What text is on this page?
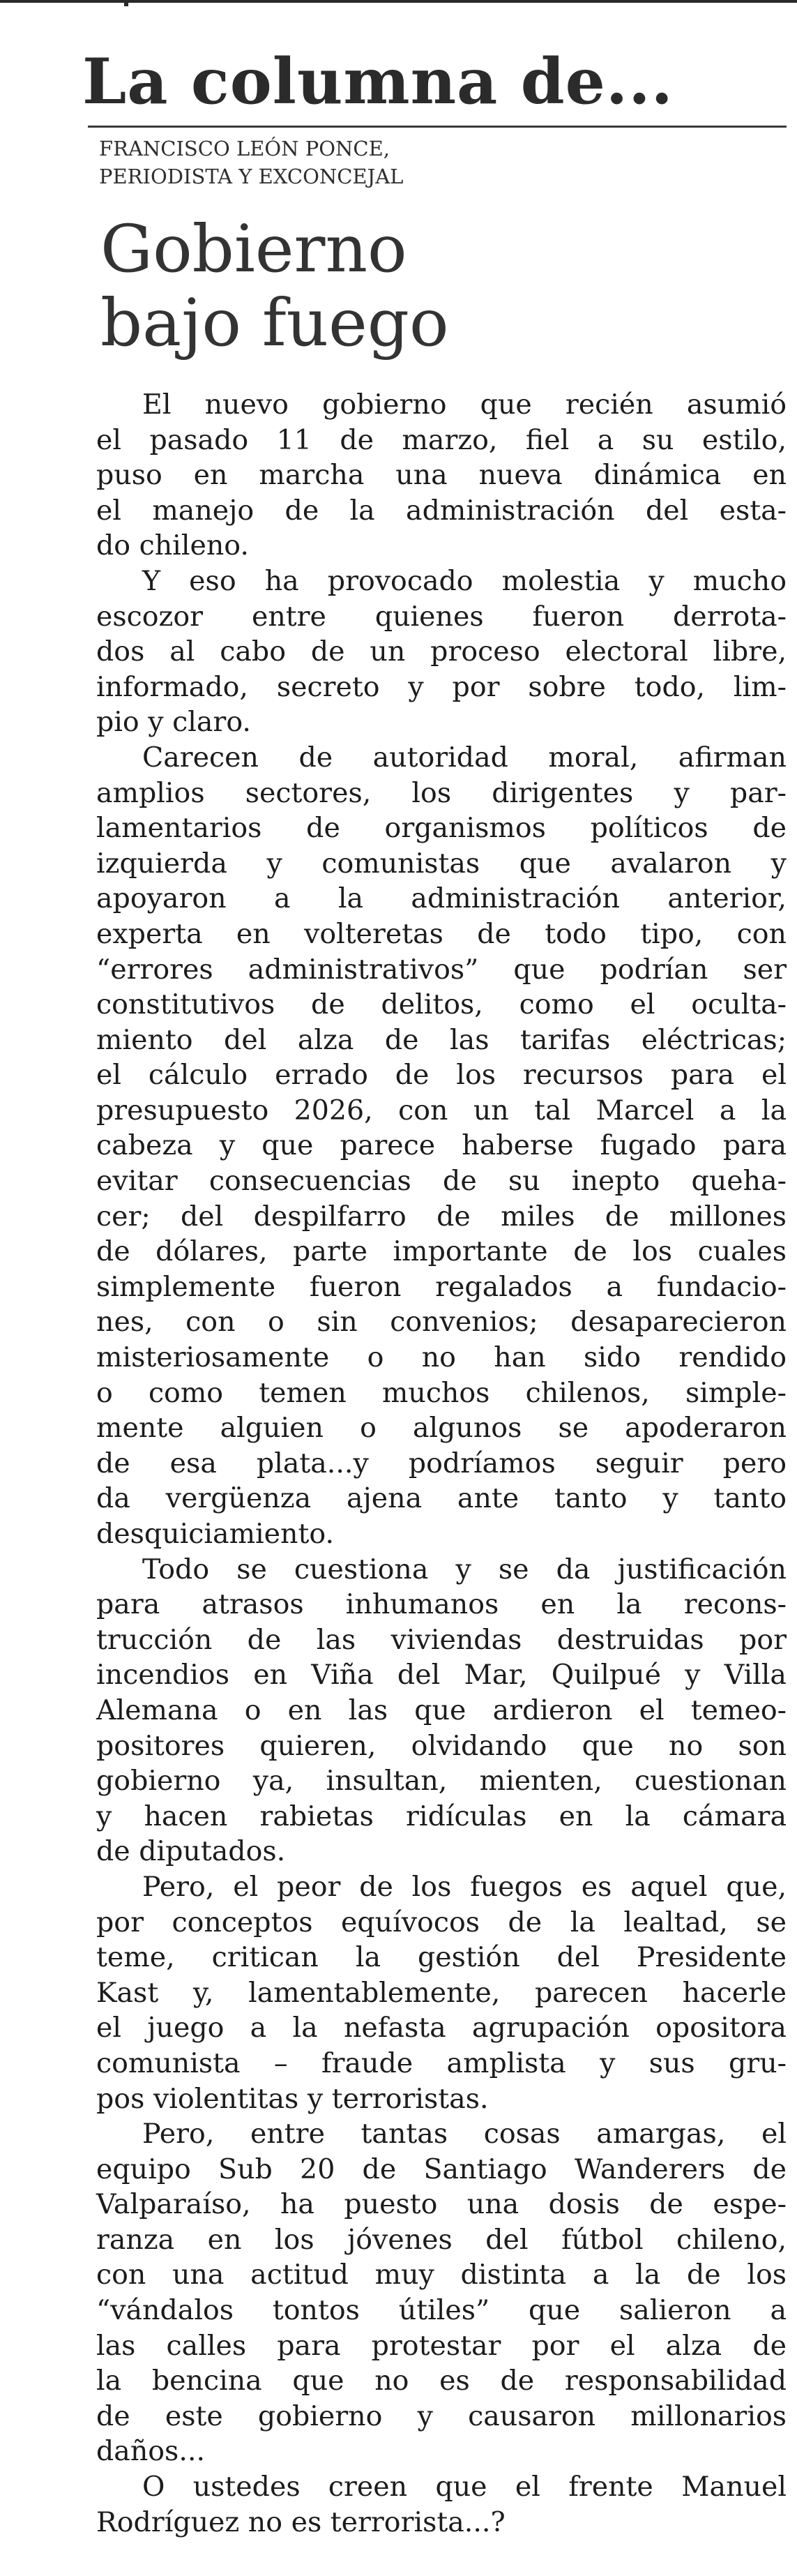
La columna de...
FRANCISCO LEÓN PONCE,
PERIODISTA Y EXCONCEJAL
Gobierno
bajo fuego
El nuevo gobierno que recién asumió
el pasado 11 de marzo, fiel a su estilo,
puso en marcha una nueva dinámica en
el manejo de la administración del esta-
do chileno.
Y eso ha provocado molestia y mucho
escozor entre quienes fueron derrota-
dos al cabo de un proceso electoral libre,
informado, secreto y por sobre todo, lim-
pio y claro.
Carecen de autoridad moral, afirman
amplios sectores, los dirigentes y par-
lamentarios de organismos políticos de
izquierda y comunistas que avalaron y
apoyaron a la administración anterior,
experta en volteretas de todo tipo, con
“errores administrativos” que podrían ser
constitutivos de delitos, como el oculta-
miento del alza de las tarifas eléctricas;
el cálculo errado de los recursos para el
presupuesto 2026, con un tal Marcel a la
cabeza y que parece haberse fugado para
evitar consecuencias de su inepto queha-
cer; del despilfarro de miles de millones
de dólares, parte importante de los cuales
simplemente fueron regalados a fundacio-
nes, con o sin convenios; desaparecieron
misteriosamente o no han sido rendido
o como temen muchos chilenos, simple-
mente alguien o algunos se apoderaron
de esa plata...y podríamos seguir pero
da vergüenza ajena ante tanto y tanto
desquiciamiento.
Todo se cuestiona y se da justificación
para atrasos inhumanos en la recons-
trucción de las viviendas destruidas por
incendios en Viña del Mar, Quilpué y Villa
Alemana o en las que ardieron el temeo-
positores quieren, olvidando que no son
gobierno ya, insultan, mienten, cuestionan
y hacen rabietas ridículas en la cámara
de diputados.
Pero, el peor de los fuegos es aquel que,
por conceptos equívocos de la lealtad, se
teme, critican la gestión del Presidente
Kast y, lamentablemente, parecen hacerle
el juego a la nefasta agrupación opositora
comunista – fraude amplista y sus gru-
pos violentitas y terroristas.
Pero, entre tantas cosas amargas, el
equipo Sub 20 de Santiago Wanderers de
Valparaíso, ha puesto una dosis de espe-
ranza en los jóvenes del fútbol chileno,
con una actitud muy distinta a la de los
“vándalos tontos útiles” que salieron a
las calles para protestar por el alza de
la bencina que no es de responsabilidad
de este gobierno y causaron millonarios
daños...
O ustedes creen que el frente Manuel
Rodríguez no es terrorista...?
